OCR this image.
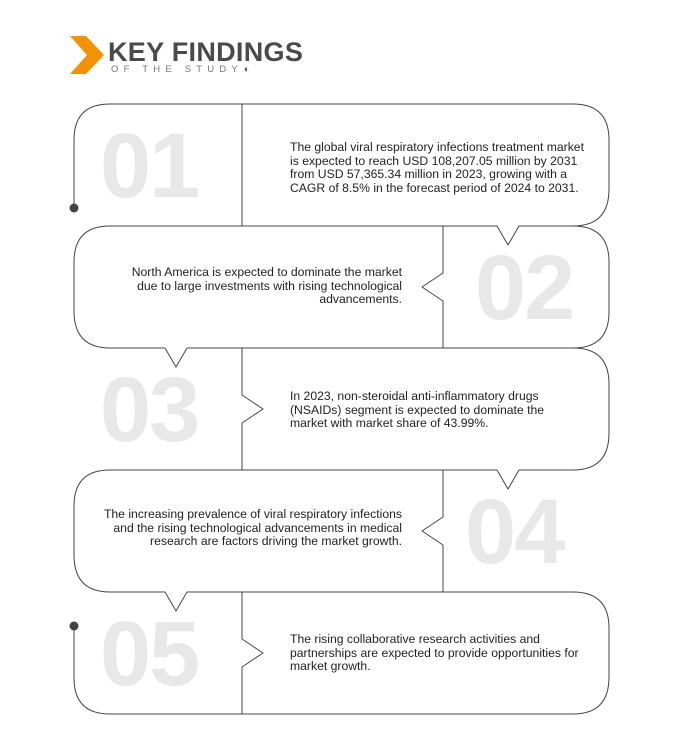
KEY FINDINGS
OF THE STUDY◖
01	The global viral respiratory infections treatment market is expected to reach USD 108,207.05 million by 2031 from USD 57,365.34 million in 2023, growing with a CAGR of 8.5% in the forecast period of 2024 to 2031.
02
North America is expected to dominate the market due to large investments with rising technological advancements.
03	In 2023, non-steroidal anti-inflammatory drugs (NSAIDs) segment is expected to dominate the market with market share of 43.99%.
04
The increasing prevalence of viral respiratory infections and the rising technological advancements in medical research are factors driving the market growth.
05	The rising collaborative research activities and partnerships are expected to provide opportunities for market growth.
